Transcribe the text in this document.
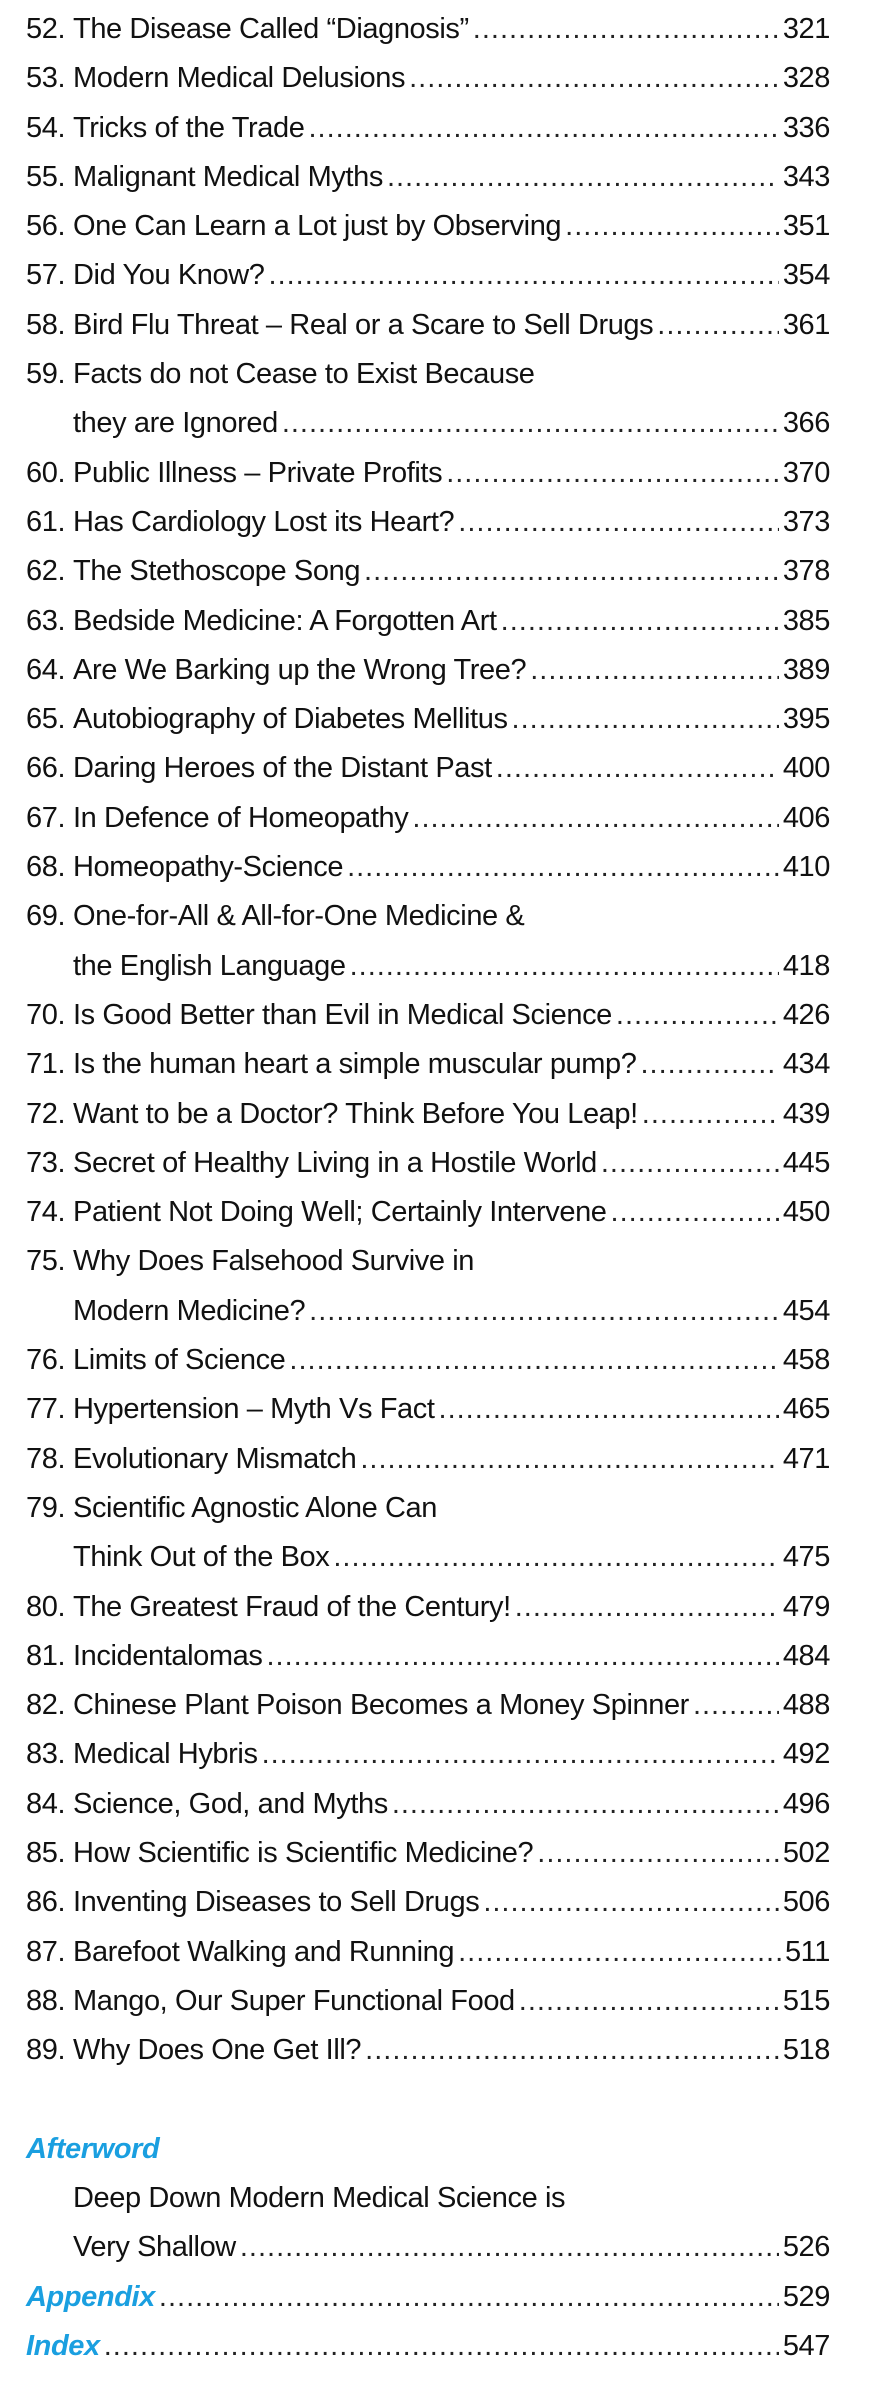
52. The Disease Called “Diagnosis” .....	321
53. Modern Medical Delusions .....	328
54. Tricks of the Trade .....	336
55. Malignant Medical Myths .....	343
56. One Can Learn a Lot just by Observing .....	351
57. Did You Know? .....	354
58. Bird Flu Threat – Real or a Scare to Sell Drugs .....	361
59. Facts do not Cease to Exist Because
they are Ignored .....	366
60. Public Illness – Private Profits .....	370
61. Has Cardiology Lost its Heart? .....	373
62. The Stethoscope Song .....	378
63. Bedside Medicine: A Forgotten Art .....	385
64. Are We Barking up the Wrong Tree? .....	389
65. Autobiography of Diabetes Mellitus .....	395
66. Daring Heroes of the Distant Past .....	400
67. In Defence of Homeopathy .....	406
68. Homeopathy-Science .....	410
69. One-for-All & All-for-One Medicine &
the English Language .....	418
70. Is Good Better than Evil in Medical Science .....	426
71. Is the human heart a simple muscular pump? .....	434
72. Want to be a Doctor? Think Before You Leap! .....	439
73. Secret of Healthy Living in a Hostile World .....	445
74. Patient Not Doing Well; Certainly Intervene .....	450
75. Why Does Falsehood Survive in
Modern Medicine? .....	454
76. Limits of Science .....	458
77. Hypertension – Myth Vs Fact .....	465
78. Evolutionary Mismatch .....	471
79. Scientific Agnostic Alone Can
Think Out of the Box .....	475
80. The Greatest Fraud of the Century! .....	479
81. Incidentalomas .....	484
82. Chinese Plant Poison Becomes a Money Spinner .....	488
83. Medical Hybris .....	492
84. Science, God, and Myths .....	496
85. How Scientific is Scientific Medicine? .....	502
86. Inventing Diseases to Sell Drugs .....	506
87. Barefoot Walking and Running .....	511
88. Mango, Our Super Functional Food .....	515
89. Why Does One Get Ill? .....	518
Afterword
Deep Down Modern Medical Science is
Very Shallow .....	526
Appendix .....	529
Index .....	547
